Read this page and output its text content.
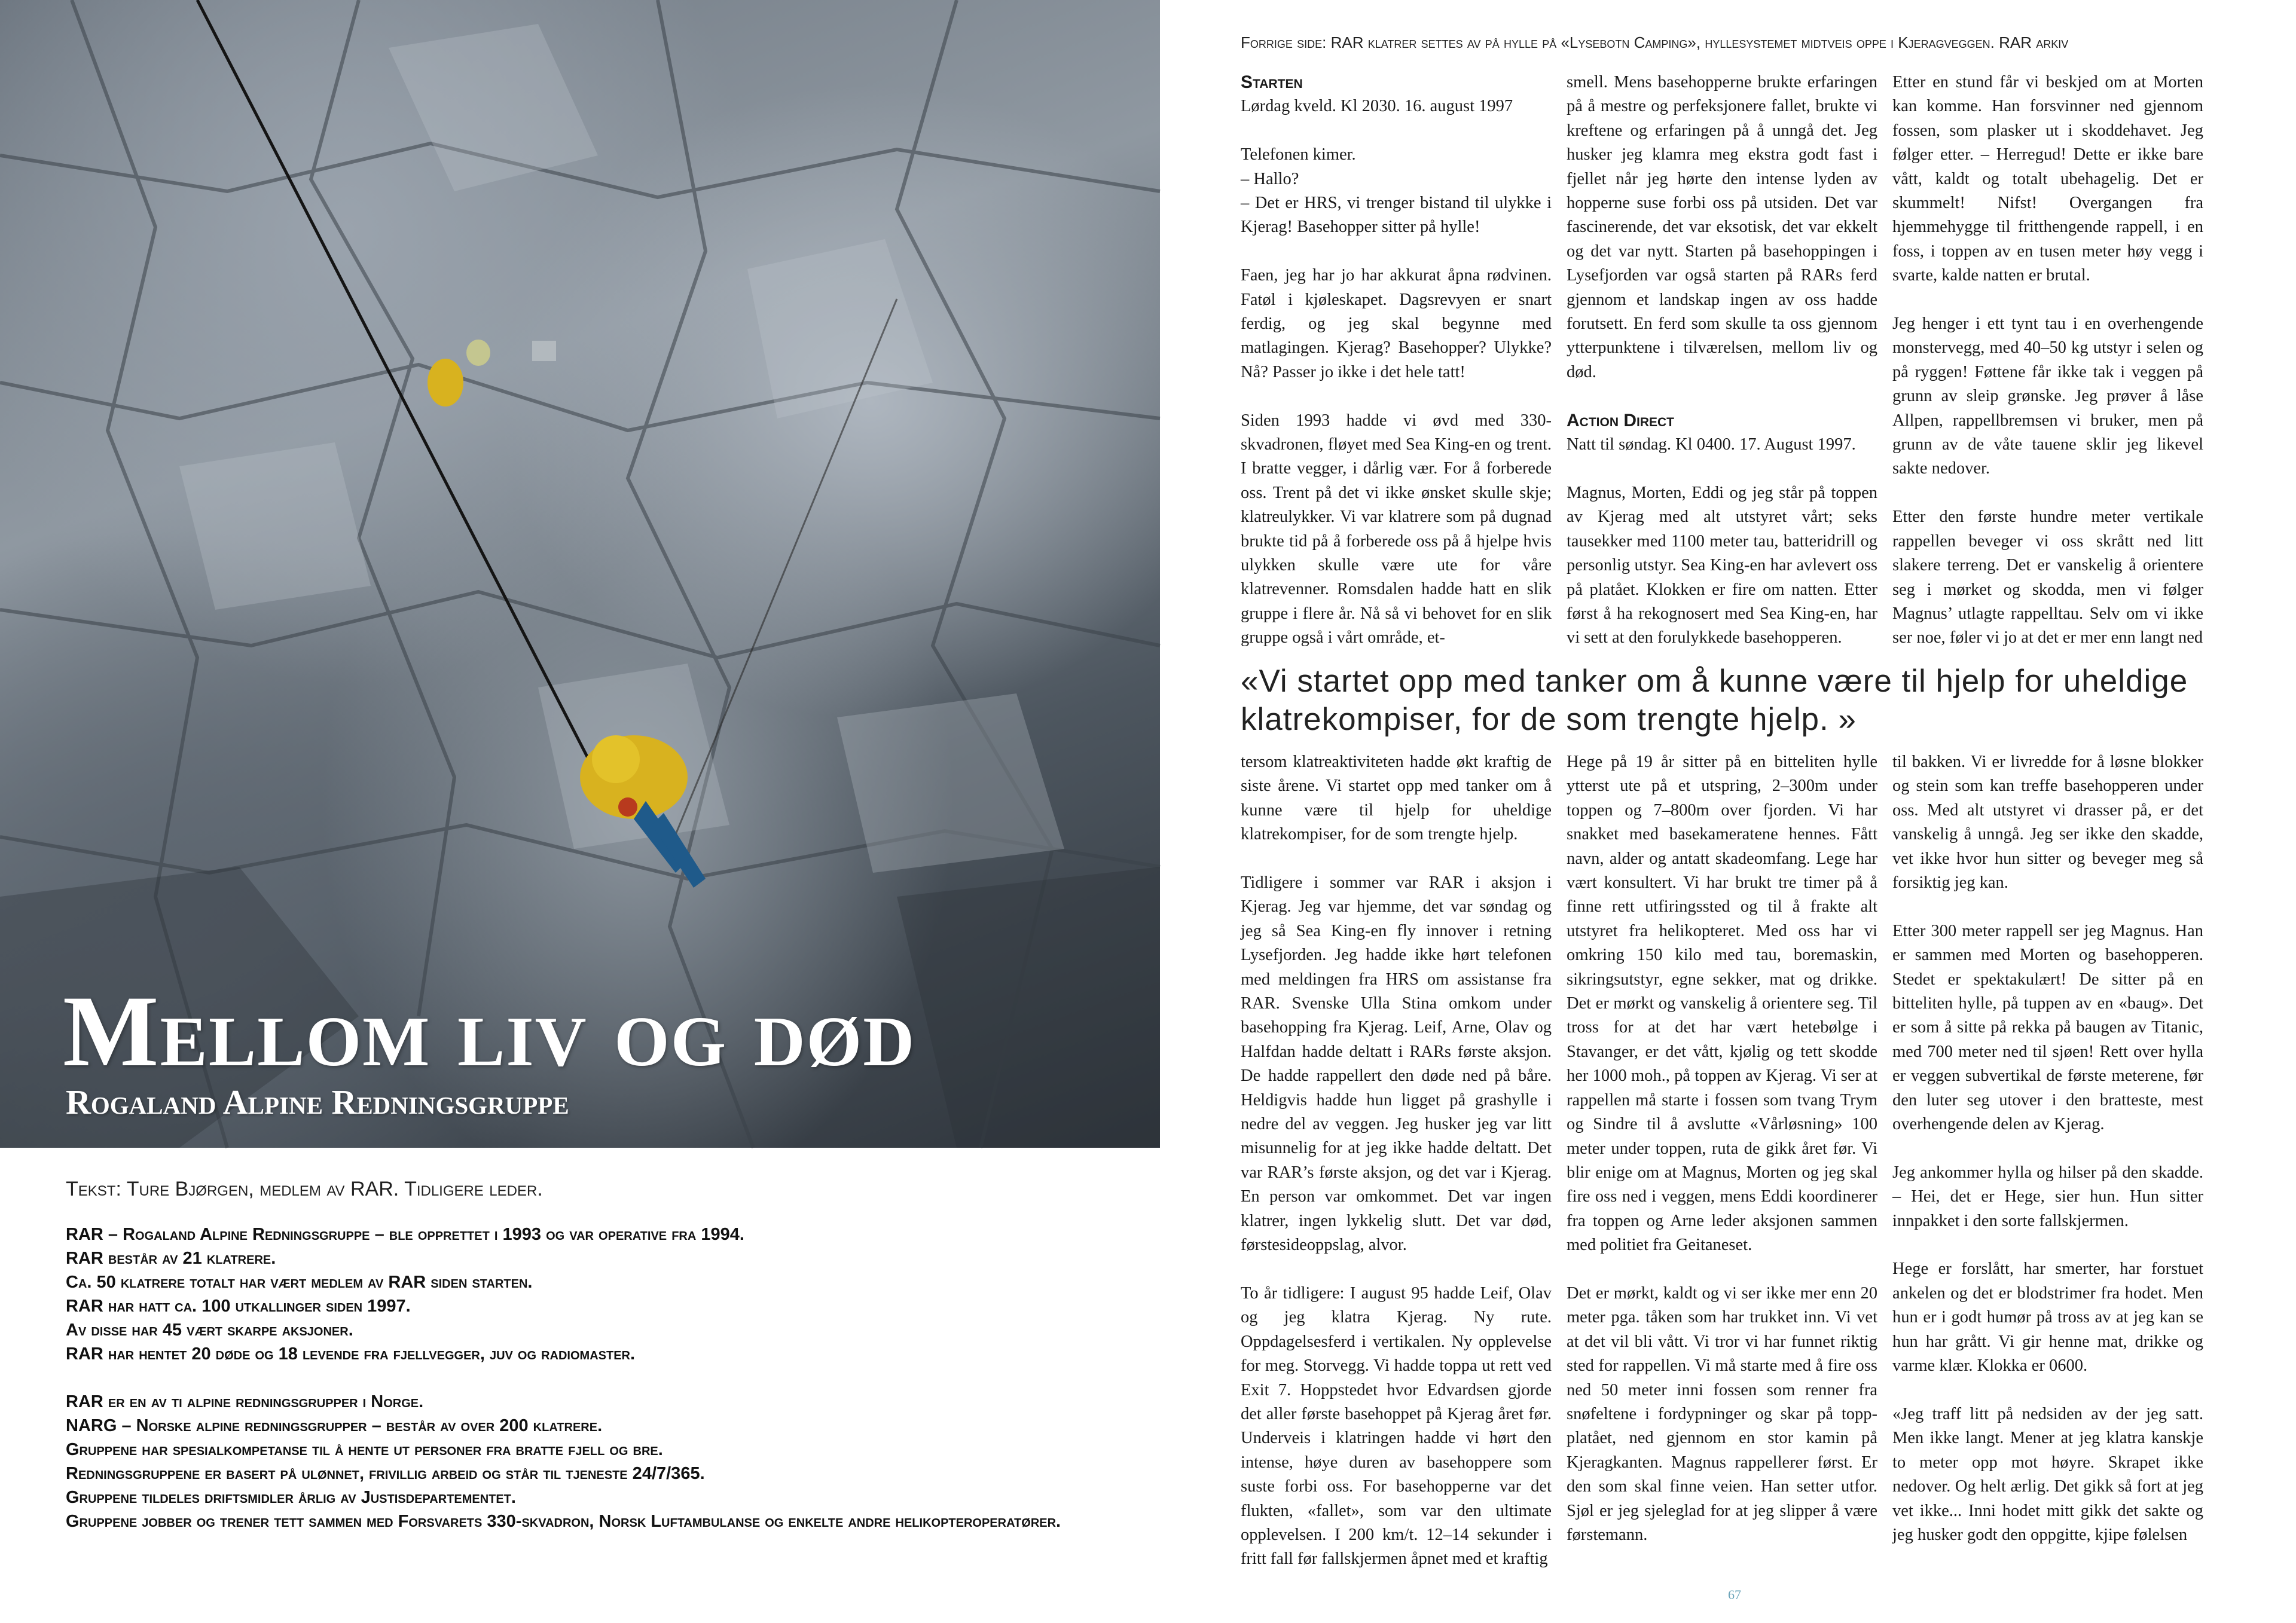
Mellom liv og død
Rogaland Alpine Redningsgruppe
Tekst: Ture Bjørgen, medlem av RAR. Tidligere leder.
RAR – Rogaland Alpine Redningsgruppe – ble opprettet i 1993 og var operative fra 1994.
RAR består av 21 klatrere.
Ca. 50 klatrere totalt har vært medlem av RAR siden starten.
RAR har hatt ca. 100 utkallinger siden 1997.
Av disse har 45 vært skarpe aksjoner.
RAR har hentet 20 døde og 18 levende fra fjellvegger, juv og radiomaster.
RAR er en av ti alpine redningsgrupper i Norge.
NARG – Norske alpine redningsgrupper – består av over 200 klatrere.
Gruppene har spesialkompetanse til å hente ut personer fra bratte fjell og bre.
Redningsgruppene er basert på ulønnet, frivillig arbeid og står til tjeneste 24/7/365.
Gruppene tildeles driftsmidler årlig av Justisdepartementet.
Gruppene jobber og trener tett sammen med Forsvarets 330-skvadron, Norsk Luftambulanse og enkelte andre helikopteroperatører.
Forrige side: RAR klatrer settes av på hylle på «Lysebotn Camping», hyllesystemet midtveis oppe i Kjeragveggen. RAR arkiv
Starten
Lørdag kveld. Kl 2030. 16. august 1997
Telefonen kimer.
– Hallo?
– Det er HRS, vi trenger bistand til ulykke i Kjerag! Basehopper sitter på hylle!
Faen, jeg har jo har akkurat åpna rødvinen. Fatøl i kjøleskapet. Dagsrevyen er snart ferdig, og jeg skal begynne med matlagingen. Kjerag? Basehopper? Ulykke? Nå? Passer jo ikke i det hele tatt!
Siden 1993 hadde vi øvd med 330-skvadronen, fløyet med Sea King-en og trent. I bratte vegger, i dårlig vær. For å forberede oss. Trent på det vi ikke ønsket skulle skje; klatreulykker. Vi var klatrere som på dugnad brukte tid på å forberede oss på å hjelpe hvis ulykken skulle være ute for våre klatrevenner. Romsdalen hadde hatt en slik gruppe i flere år. Nå så vi behovet for en slik gruppe også i vårt område, et-
smell. Mens basehopperne brukte erfaringen på å mestre og perfeksjonere fallet, brukte vi kreftene og erfaringen på å unngå det. Jeg husker jeg klamra meg ekstra godt fast i fjellet når jeg hørte den intense lyden av hopperne suse forbi oss på utsiden. Det var fascinerende, det var eksotisk, det var ekkelt og det var nytt. Starten på basehoppingen i Lysefjorden var også starten på RARs ferd gjennom et landskap ingen av oss hadde forutsett. En ferd som skulle ta oss gjennom ytterpunktene i tilværelsen, mellom liv og død.
Action Direct
Natt til søndag. Kl 0400. 17. August 1997.
Magnus, Morten, Eddi og jeg står på toppen av Kjerag med alt utstyret vårt; seks tausekker med 1100 meter tau, batteridrill og personlig utstyr. Sea King-en har avlevert oss på platået. Klokken er fire om natten. Etter først å ha rekognosert med Sea King-en, har vi sett at den forulykkede basehopperen.
Etter en stund får vi beskjed om at Morten kan komme. Han forsvinner ned gjennom fossen, som plasker ut i skoddehavet. Jeg følger etter. – Herregud! Dette er ikke bare vått, kaldt og totalt ubehagelig. Det er skummelt! Nifst! Overgangen fra hjemmehygge til fritthengende rappell, i en foss, i toppen av en tusen meter høy vegg i svarte, kalde natten er brutal.
Jeg henger i ett tynt tau i en overhengende monstervegg, med 40–50 kg utstyr i selen og på ryggen! Føttene får ikke tak i veggen på grunn av sleip grønske. Jeg prøver å låse Allpen, rappellbremsen vi bruker, men på grunn av de våte tauene sklir jeg likevel sakte nedover.
Etter den første hundre meter vertikale rappellen beveger vi oss skrått ned litt slakere terreng. Det er vanskelig å orientere seg i mørket og skodda, men vi følger Magnus’ utlagte rappelltau. Selv om vi ikke ser noe, føler vi jo at det er mer enn langt ned
«Vi startet opp med tanker om å kunne være til hjelp for uheldige klatrekompiser, for de som trengte hjelp. »
tersom klatreaktiviteten hadde økt kraftig de siste årene. Vi startet opp med tanker om å kunne være til hjelp for uheldige klatrekompiser, for de som trengte hjelp.
Tidligere i sommer var RAR i aksjon i Kjerag. Jeg var hjemme, det var søndag og jeg så Sea King-en fly innover i retning Lysefjorden. Jeg hadde ikke hørt telefonen med meldingen fra HRS om assistanse fra RAR. Svenske Ulla Stina omkom under basehopping fra Kjerag. Leif, Arne, Olav og Halfdan hadde deltatt i RARs første aksjon. De hadde rappellert den døde ned på båre. Heldigvis hadde hun ligget på grashylle i nedre del av veggen. Jeg husker jeg var litt misunnelig for at jeg ikke hadde deltatt. Det var RAR’s første aksjon, og det var i Kjerag. En person var omkommet. Det var ingen klatrer, ingen lykkelig slutt. Det var død, førstesideoppslag, alvor.
To år tidligere: I august 95 hadde Leif, Olav og jeg klatra Kjerag. Ny rute. Oppdagelsesferd i vertikalen. Ny opplevelse for meg. Storvegg. Vi hadde toppa ut rett ved Exit 7. Hoppstedet hvor Edvardsen gjorde det aller første basehoppet på Kjerag året før. Underveis i klatringen hadde vi hørt den intense, høye duren av basehoppere som suste forbi oss. For basehopperne var det flukten, «fallet», som var den ultimate opplevelsen. I 200 km/t. 12–14 sekunder i fritt fall før fallskjermen åpnet med et kraftig
Hege på 19 år sitter på en bitteliten hylle ytterst ute på et utspring, 2–300m under toppen og 7–800m over fjorden. Vi har snakket med basekameratene hennes. Fått navn, alder og antatt skadeomfang. Lege har vært konsultert. Vi har brukt tre timer på å finne rett utfiringssted og til å frakte alt utstyret fra helikopteret. Med oss har vi omkring 150 kilo med tau, boremaskin, sikringsutstyr, egne sekker, mat og drikke. Det er mørkt og vanskelig å orientere seg. Til tross for at det har vært hetebølge i Stavanger, er det vått, kjølig og tett skodde her 1000 moh., på toppen av Kjerag. Vi ser at rappellen må starte i fossen som tvang Trym og Sindre til å avslutte «Vårløsning» 100 meter under toppen, ruta de gikk året før. Vi blir enige om at Magnus, Morten og jeg skal fire oss ned i veggen, mens Eddi koordinerer fra toppen og Arne leder aksjonen sammen med politiet fra Geitaneset.
Det er mørkt, kaldt og vi ser ikke mer enn 20 meter pga. tåken som har trukket inn. Vi vet at det vil bli vått. Vi tror vi har funnet riktig sted for rappellen. Vi må starte med å fire oss ned 50 meter inni fossen som renner fra snøfeltene i fordypninger og skar på topp-platået, ned gjennom en stor kamin på Kjeragkanten. Magnus rappellerer først. Er den som skal finne veien. Han setter utfor. Sjøl er jeg sjeleglad for at jeg slipper å være førstemann.
til bakken. Vi er livredde for å løsne blokker og stein som kan treffe basehopperen under oss. Med alt utstyret vi drasser på, er det vanskelig å unngå. Jeg ser ikke den skadde, vet ikke hvor hun sitter og beveger meg så forsiktig jeg kan.
Etter 300 meter rappell ser jeg Magnus. Han er sammen med Morten og basehopperen. Stedet er spektakulært! De sitter på en bitteliten hylle, på tuppen av en «baug». Det er som å sitte på rekka på baugen av Titanic, med 700 meter ned til sjøen! Rett over hylla er veggen subvertikal de første meterene, før den luter seg utover i den bratteste, mest overhengende delen av Kjerag.
Jeg ankommer hylla og hilser på den skadde. – Hei, det er Hege, sier hun. Hun sitter innpakket i den sorte fallskjermen.
Hege er forslått, har smerter, har forstuet ankelen og det er blodstrimer fra hodet. Men hun er i godt humør på tross av at jeg kan se hun har grått. Vi gir henne mat, drikke og varme klær. Klokka er 0600.
«Jeg traff litt på nedsiden av der jeg satt. Men ikke langt. Mener at jeg klatra kanskje to meter opp mot høyre. Skrapet ikke nedover. Og helt ærlig. Det gikk så fort at jeg vet ikke... Inni hodet mitt gikk det sakte og jeg husker godt den oppgitte, kjipe følelsen
67
